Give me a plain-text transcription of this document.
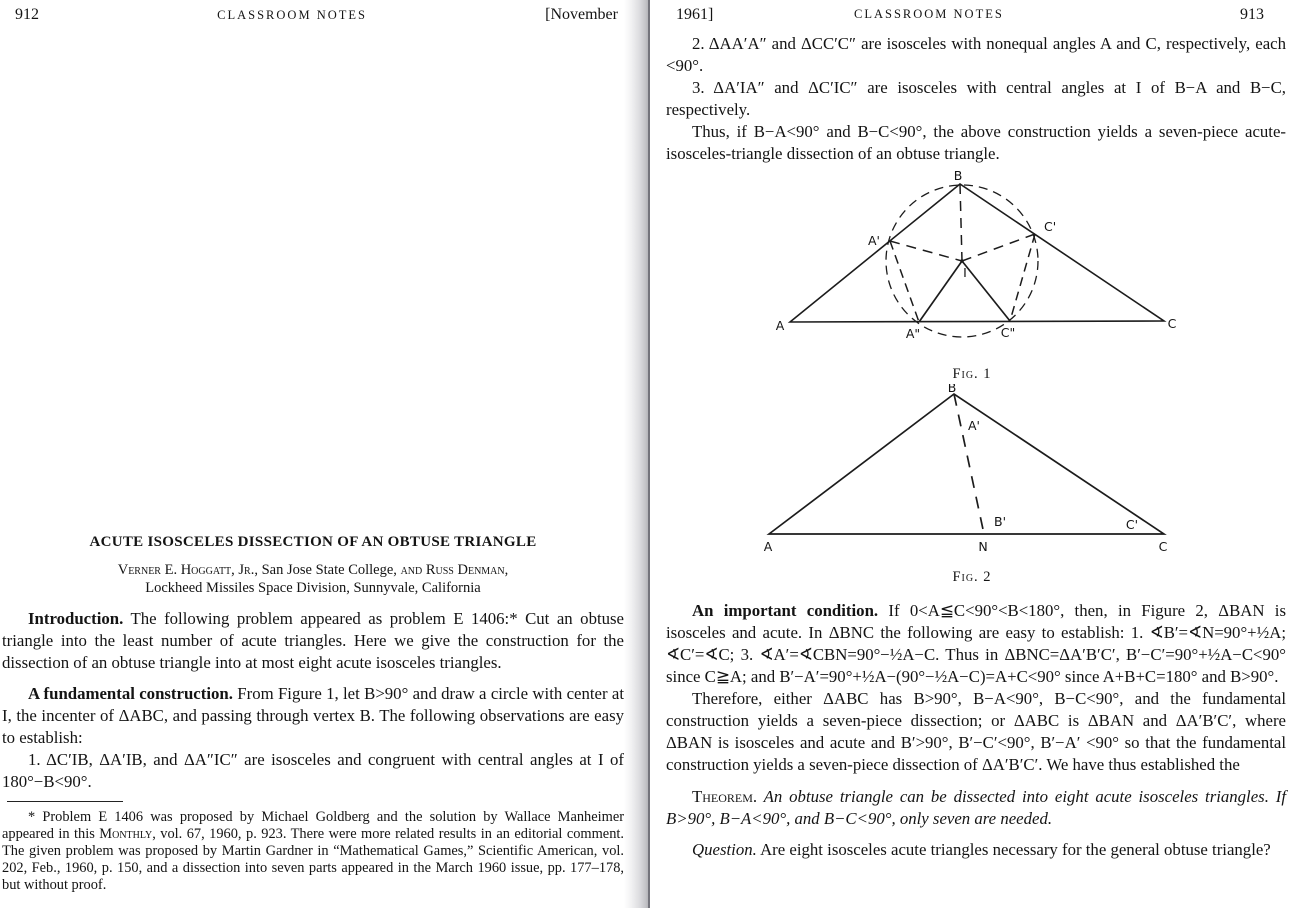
912	CLASSROOM NOTES	[November
ACUTE ISOSCELES DISSECTION OF AN OBTUSE TRIANGLE

Verner E. Hoggatt, Jr., San Jose State College, and Russ Denman,

Lockheed Missiles Space Division, Sunnyvale, California

Introduction. The following problem appeared as problem E 1406:* Cut an obtuse triangle into the least number of acute triangles. Here we give the construction for the dissection of an obtuse triangle into at most eight acute isosceles triangles.

A fundamental construction. From Figure 1, let B>90° and draw a circle with center at I, the incenter of ΔABC, and passing through vertex B. The following observations are easy to establish:

1. ΔC′IB, ΔA′IB, and ΔA″IC″ are isosceles and congruent with central angles at I of 180°−B<90°.

* Problem E 1406 was proposed by Michael Goldberg and the solution by Wallace Manheimer appeared in this Monthly, vol. 67, 1960, p. 923. There were more related results in an editorial comment. The given problem was proposed by Martin Gardner in “Mathematical Games,” Scientific American, vol. 202, Feb., 1960, p. 150, and a dissection into seven parts appeared in the March 1960 issue, pp. 177–178, but without proof.

1961]	CLASSROOM NOTES	913

2. ΔAA′A″ and ΔCC′C″ are isosceles with nonequal angles A and C, respectively, each <90°.

3. ΔA′IA″ and ΔC′IC″ are isosceles with central angles at I of B−A and B−C, respectively.

Thus, if B−A<90° and B−C<90°, the above construction yields a seven-piece acute-isosceles-triangle dissection of an obtuse triangle.

B
A	C
A'
C'
I
A"	C"
Fig. 1
B
A	C
N
A'
B'	C'
Fig. 2

An important condition. If 0<A≦C<90°<B<180°, then, in Figure 2, ΔBAN is isosceles and acute. In ΔBNC the following are easy to establish: 1. ∢B′=∢N=90°+½A; ∢C′=∢C; 3. ∢A′=∢CBN=90°−½A−C. Thus in ΔBNC=ΔA′B′C′, B′−C′=90°+½A−C<90° since C≧A; and B′−A′=90°+½A−(90°−½A−C)=A+C<90° since A+B+C=180° and B>90°.

Therefore, either ΔABC has B>90°, B−A<90°, B−C<90°, and the fundamental construction yields a seven-piece dissection; or ΔABC is ΔBAN and ΔA′B′C′, where ΔBAN is isosceles and acute and B′>90°, B′−C′<90°, B′−A′ <90° so that the fundamental construction yields a seven-piece dissection of ΔA′B′C′. We have thus established the

Theorem. An obtuse triangle can be dissected into eight acute isosceles triangles. If B>90°, B−A<90°, and B−C<90°, only seven are needed.

Question. Are eight isosceles acute triangles necessary for the general obtuse triangle?
